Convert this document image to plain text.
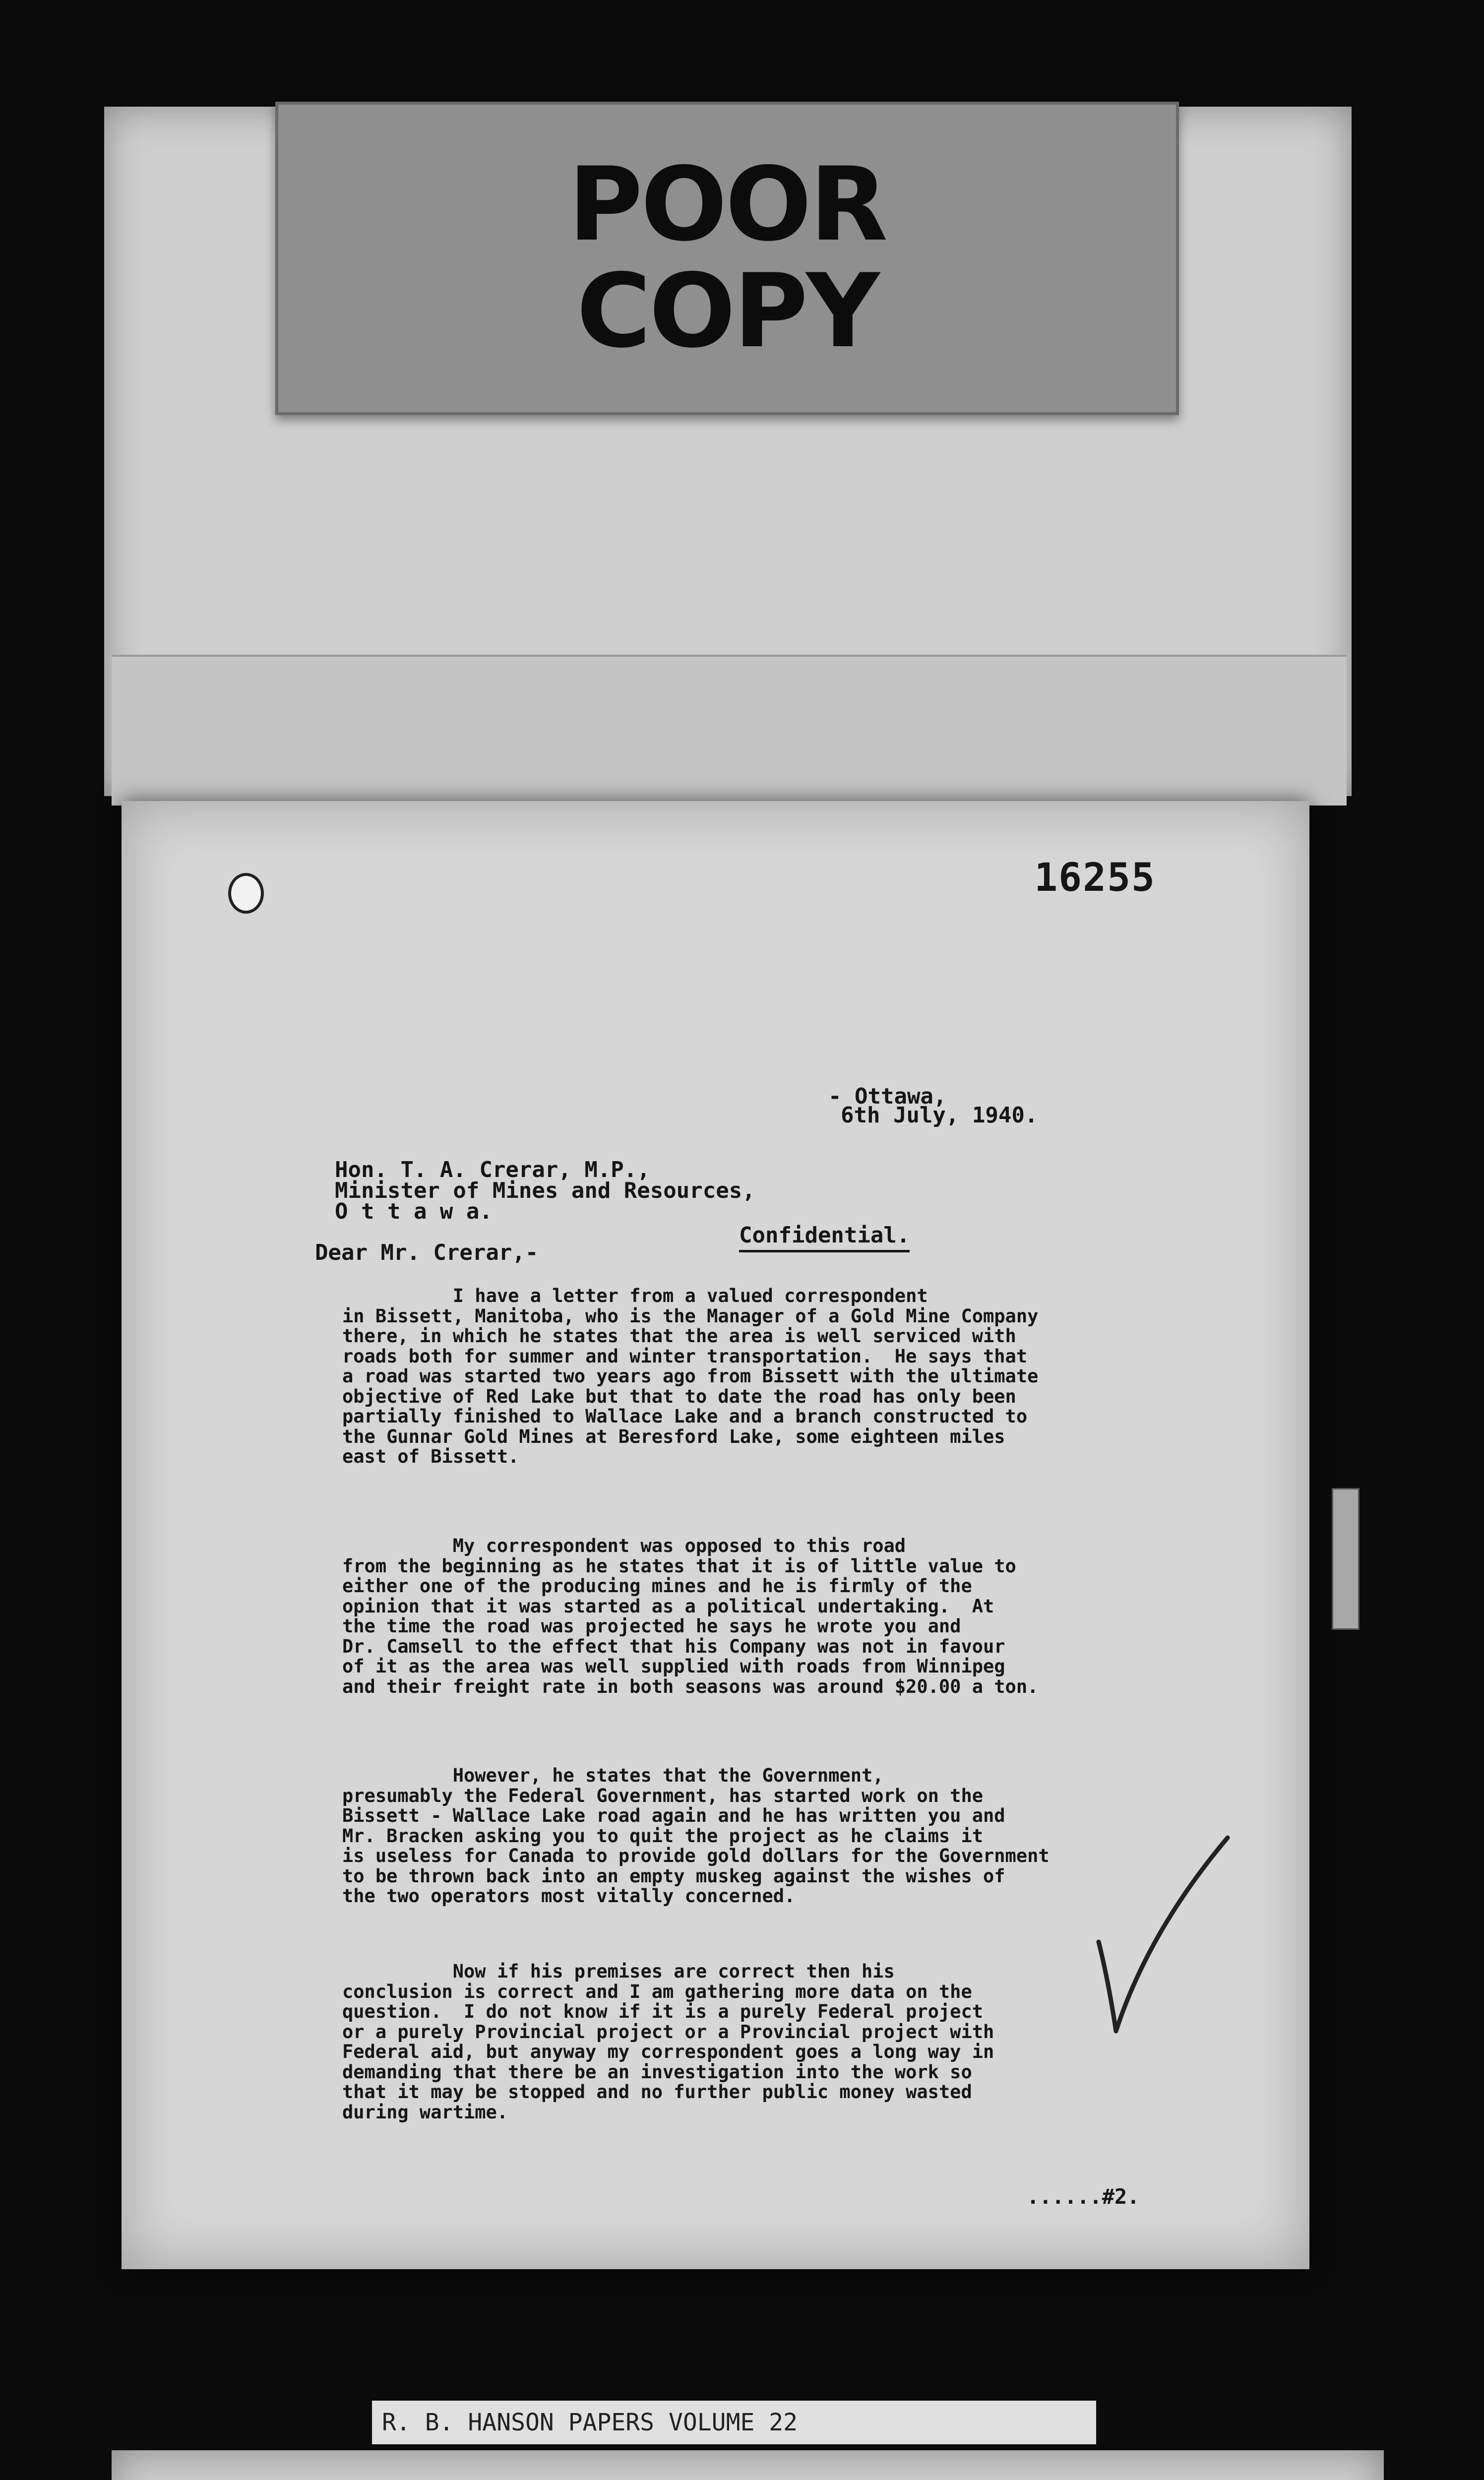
POOR
COPY
16255
- Ottawa,
6th July, 1940.
Hon. T. A. Crerar, M.P.,
Minister of Mines and Resources,
O t t a w a.
Confidential.
Dear Mr. Crerar,-
I have a letter from a valued correspondent
in Bissett, Manitoba, who is the Manager of a Gold Mine Company
there, in which he states that the area is well serviced with
roads both for summer and winter transportation.  He says that
a road was started two years ago from Bissett with the ultimate
objective of Red Lake but that to date the road has only been
partially finished to Wallace Lake and a branch constructed to
the Gunnar Gold Mines at Beresford Lake, some eighteen miles
east of Bissett.
My correspondent was opposed to this road
from the beginning as he states that it is of little value to
either one of the producing mines and he is firmly of the
opinion that it was started as a political undertaking.  At
the time the road was projected he says he wrote you and
Dr. Camsell to the effect that his Company was not in favour
of it as the area was well supplied with roads from Winnipeg
and their freight rate in both seasons was around $20.00 a ton.
However, he states that the Government,
presumably the Federal Government, has started work on the
Bissett - Wallace Lake road again and he has written you and
Mr. Bracken asking you to quit the project as he claims it
is useless for Canada to provide gold dollars for the Government
to be thrown back into an empty muskeg against the wishes of
the two operators most vitally concerned.
Now if his premises are correct then his
conclusion is correct and I am gathering more data on the
question.  I do not know if it is a purely Federal project
or a purely Provincial project or a Provincial project with
Federal aid, but anyway my correspondent goes a long way in
demanding that there be an investigation into the work so
that it may be stopped and no further public money wasted
during wartime.
......#2.
R. B. HANSON PAPERS VOLUME 22
